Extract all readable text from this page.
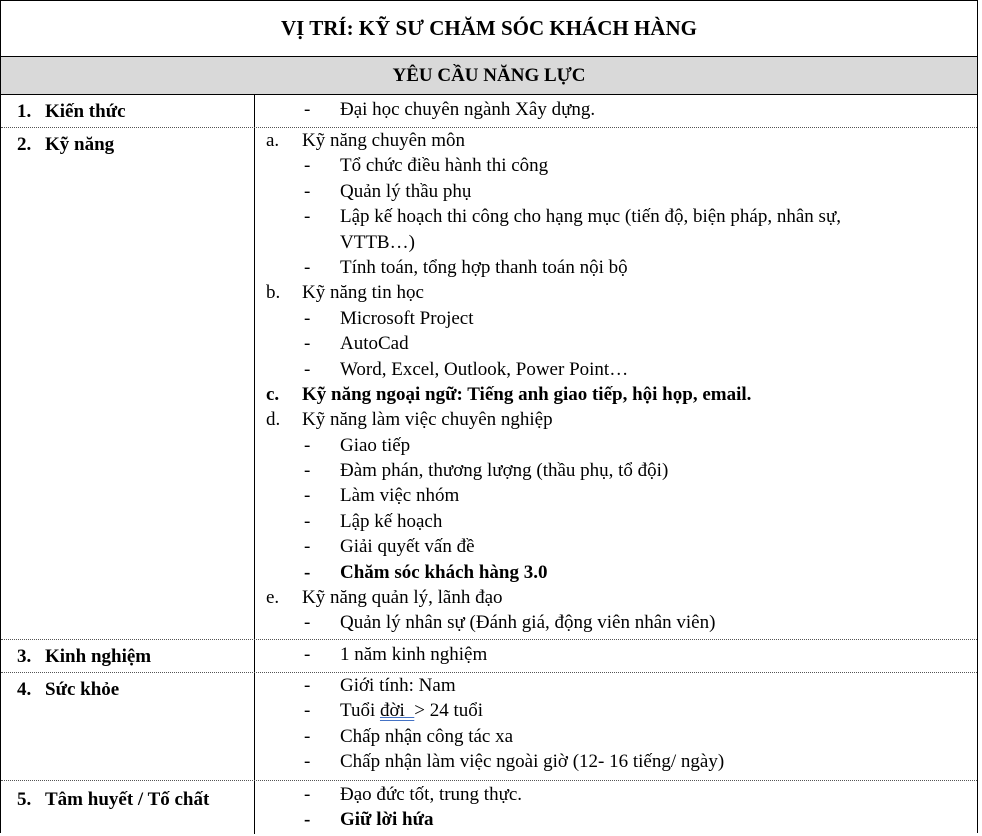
VỊ TRÍ: KỸ SƯ CHĂM SÓC KHÁCH HÀNG
YÊU CẦU NĂNG LỰC
1. Kiến thức	- Đại học chuyên ngành Xây dựng.
2. Kỹ năng	a. Kỹ năng chuyên môn
- Tổ chức điều hành thi công
- Quản lý thầu phụ
- Lập kế hoạch thi công cho hạng mục (tiến độ, biện pháp, nhân sự,
VTTB…)
- Tính toán, tổng hợp thanh toán nội bộ
b. Kỹ năng tin học
- Microsoft Project
- AutoCad
- Word, Excel, Outlook, Power Point…
c. Kỹ năng ngoại ngữ: Tiếng anh giao tiếp, hội họp, email.
d. Kỹ năng làm việc chuyên nghiệp
- Giao tiếp
- Đàm phán, thương lượng (thầu phụ, tổ đội)
- Làm việc nhóm
- Lập kế hoạch
- Giải quyết vấn đề
- Chăm sóc khách hàng 3.0
e. Kỹ năng quản lý, lãnh đạo
- Quản lý nhân sự (Đánh giá, động viên nhân viên)
3. Kinh nghiệm	- 1 năm kinh nghiệm
4. Sức khỏe	- Giới tính: Nam
- Tuổi đời  > 24 tuổi
- Chấp nhận công tác xa
- Chấp nhận làm việc ngoài giờ (12- 16 tiếng/ ngày)
5. Tâm huyết / Tố chất	- Đạo đức tốt, trung thực.
- Giữ lời hứa
